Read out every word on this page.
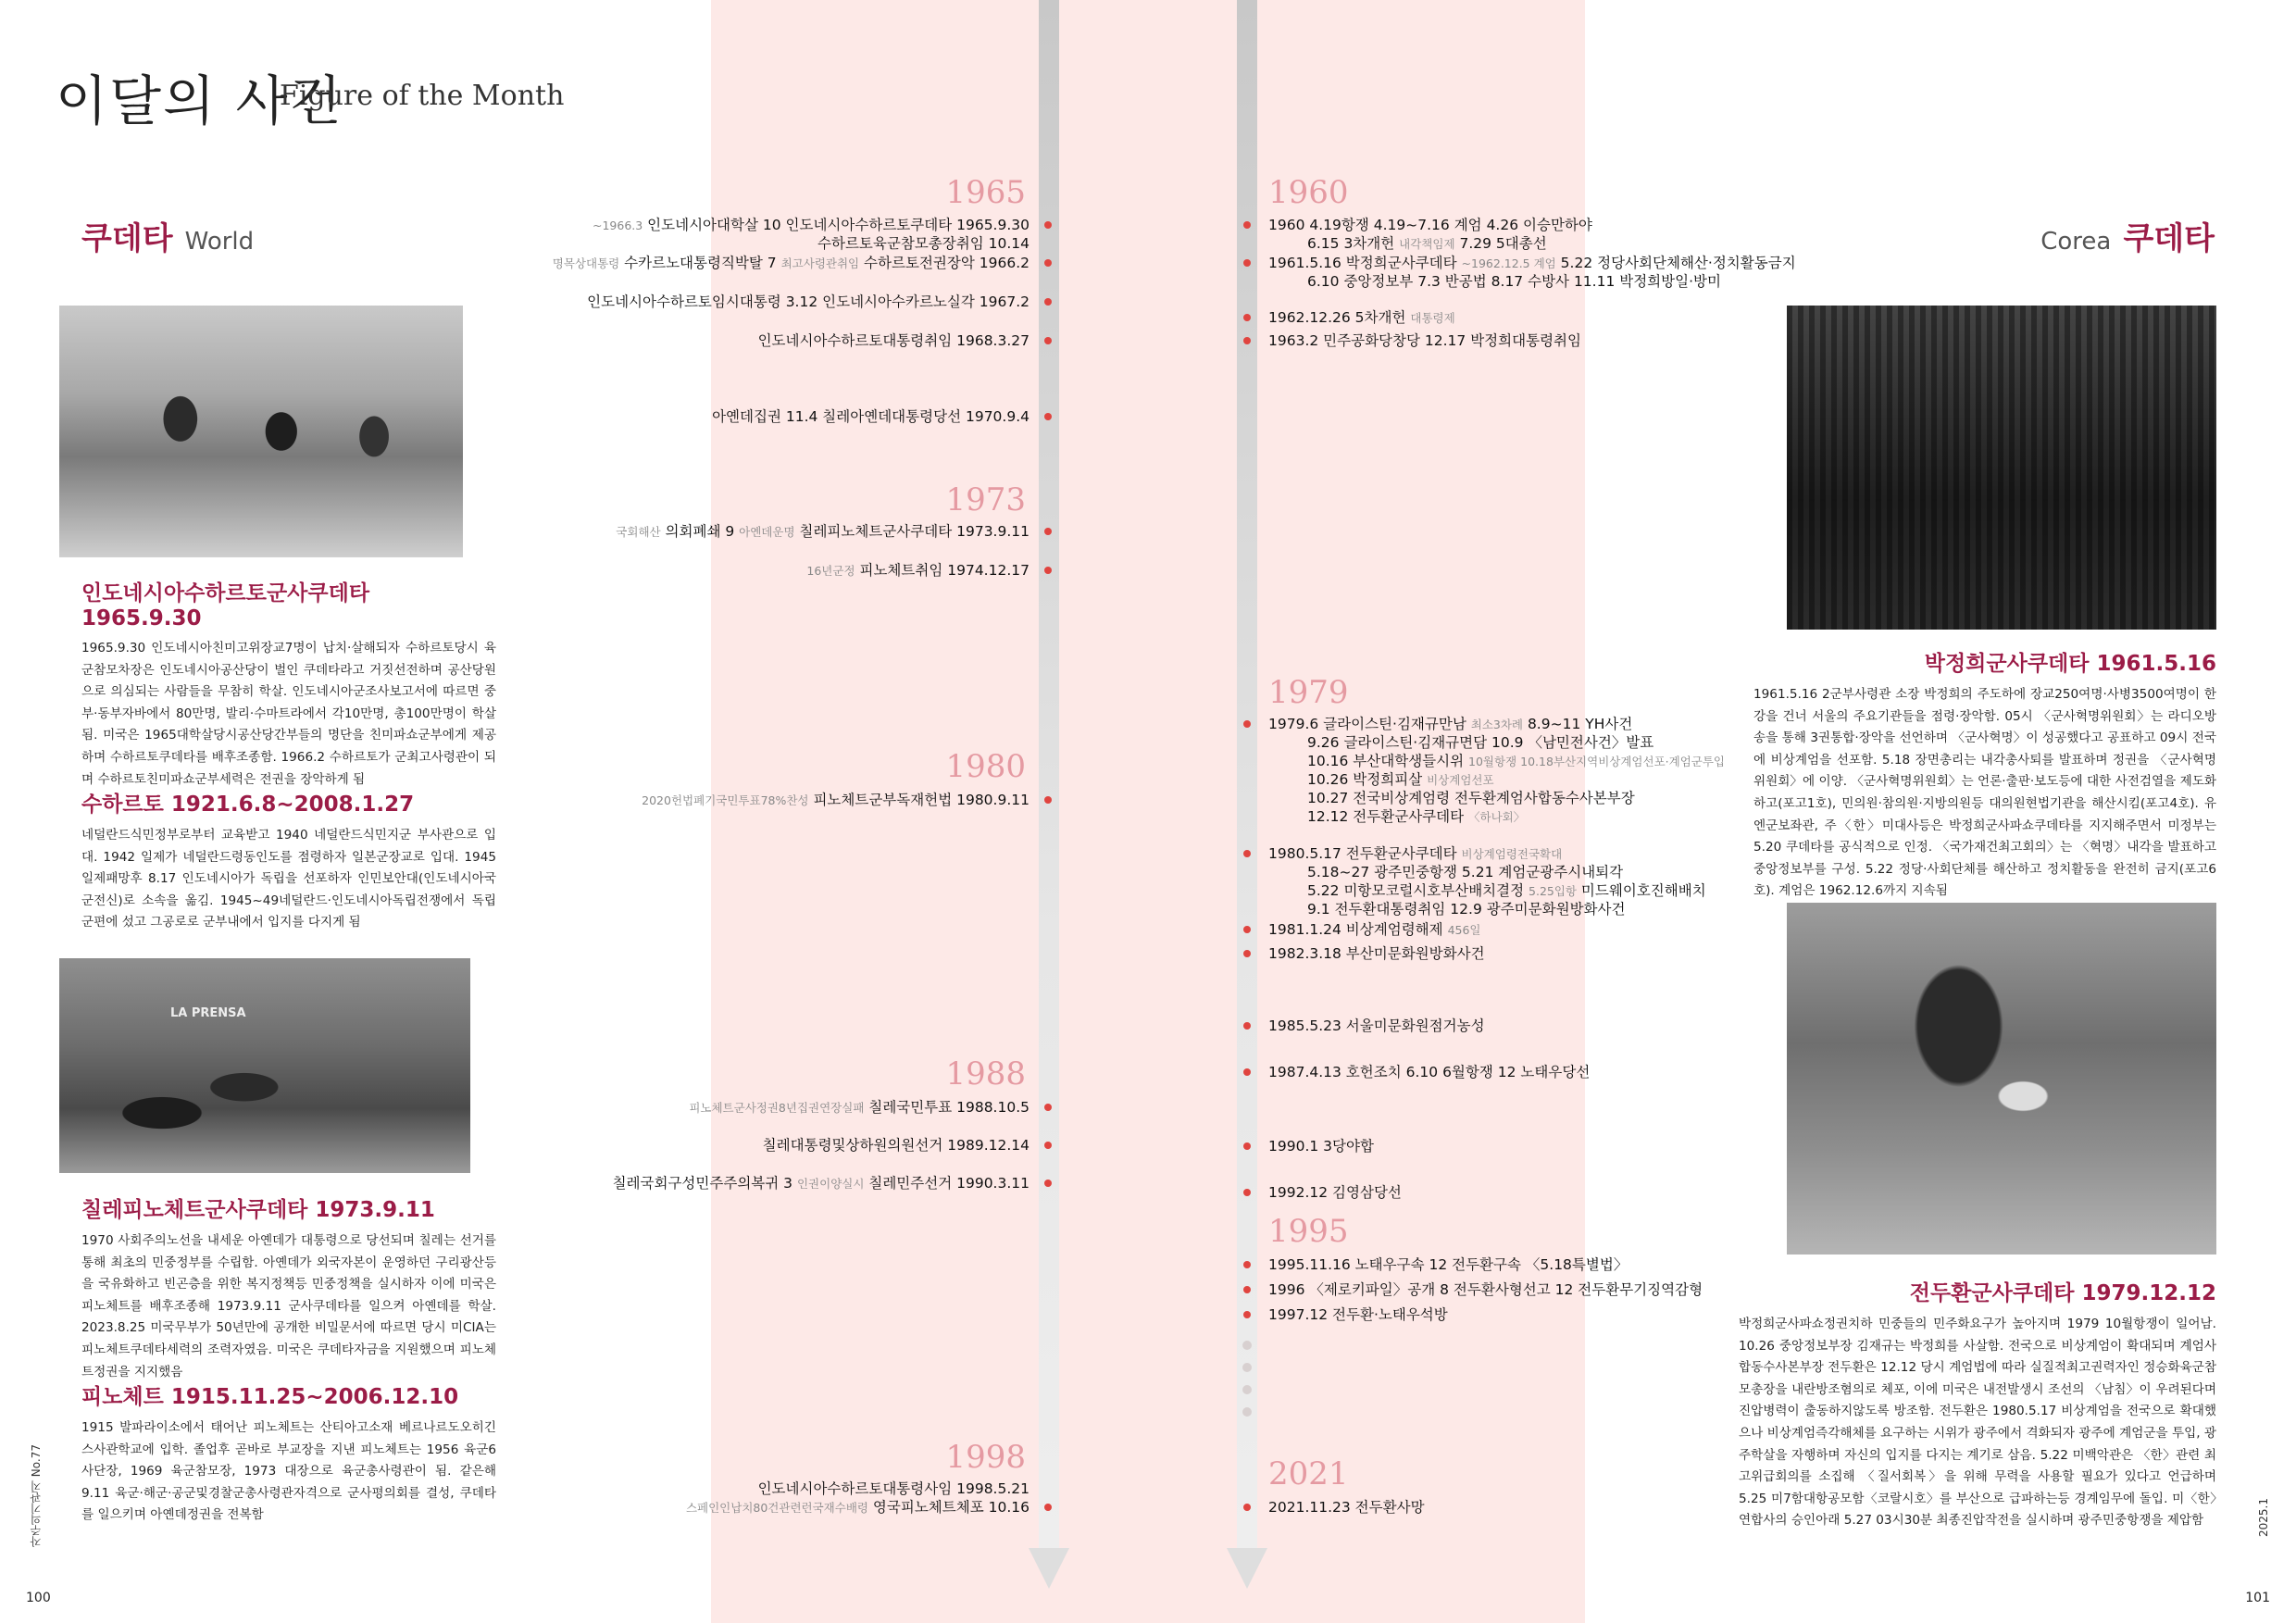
이달의 사건
Figure of the Month
쿠데타 World	Corea 쿠데타
LA PRENSA
인도네시아수하르토군사쿠데타 1965.9.30
1965.9.30 인도네시아친미고위장교7명이 납치·살해되자 수하르토당시 육군참모차장은 인도네시아공산당이 벌인 쿠데타라고 거짓선전하며 공산당원으로 의심되는 사람들을 무참히 학살. 인도네시아군조사보고서에 따르면 중부·동부자바에서 80만명, 발리·수마트라에서 각10만명, 총100만명이 학살됨. 미국은 1965대학살당시공산당간부들의 명단을 친미파쇼군부에게 제공하며 수하르토쿠데타를 배후조종함. 1966.2 수하르토가 군최고사령관이 되며 수하르토친미파쇼군부세력은 전권을 장악하게 됨
수하르토 1921.6.8~2008.1.27
네덜란드식민정부로부터 교육받고 1940 네덜란드식민지군 부사관으로 입대. 1942 일제가 네덜란드령동인도를 점령하자 일본군장교로 입대. 1945 일제패망후 8.17 인도네시아가 독립을 선포하자 인민보안대(인도네시아국군전신)로 소속을 옮김. 1945~49네덜란드·인도네시아독립전쟁에서 독립군편에 섰고 그공로로 군부내에서 입지를 다지게 됨
칠레피노체트군사쿠데타 1973.9.11
1970 사회주의노선을 내세운 아옌데가 대통령으로 당선되며 칠레는 선거를 통해 최초의 민중정부를 수립함. 아옌데가 외국자본이 운영하던 구리광산등을 국유화하고 빈곤층을 위한 복지정책등 민중정책을 실시하자 이에 미국은 피노체트를 배후조종해 1973.9.11 군사쿠데타를 일으켜 아옌데를 학살. 2023.8.25 미국무부가 50년만에 공개한 비밀문서에 따르면 당시 미CIA는 피노체트쿠데타세력의 조력자였음. 미국은 쿠데타자금을 지원했으며 피노체트정권을 지지했음
피노체트 1915.11.25~2006.12.10
1915 발파라이소에서 태어난 피노체트는 산티아고소재 베르나르도오히긴스사관학교에 입학. 졸업후 곧바로 부교장을 지낸 피노체트는 1956 육군6사단장, 1969 육군참모장, 1973 대장으로 육군총사령관이 됨. 같은해 9.11 육군·해군·공군및경찰군총사령관자격으로 군사평의회를 결성, 쿠데타를 일으키며 아옌데정권을 전복함
박정희군사쿠데타 1961.5.16
1961.5.16 2군부사령관 소장 박정희의 주도하에 장교250여명·사병3500여명이 한강을 건너 서울의 주요기관들을 점령·장악함. 05시 〈군사혁명위원회〉는 라디오방송을 통해 3권통합·장악을 선언하며 〈군사혁명〉이 성공했다고 공표하고 09시 전국에 비상계엄을 선포함. 5.18 장면총리는 내각총사퇴를 발표하며 정권을 〈군사혁명위원회〉에 이양. 〈군사혁명위원회〉는 언론·출판·보도등에 대한 사전검열을 제도화하고(포고1호), 민의원·참의원·지방의원등 대의원현법기관을 해산시킴(포고4호). 유엔군보좌관, 주〈한〉미대사등은 박정희군사파쇼쿠데타를 지지해주면서 미정부는 5.20 쿠데타를 공식적으로 인정. 〈국가재건최고회의〉는 〈혁명〉내각을 발표하고 중앙정보부를 구성. 5.22 정당·사회단체를 해산하고 정치활동을 완전히 금지(포고6호). 계엄은 1962.12.6까지 지속됨
전두환군사쿠데타 1979.12.12
박정희군사파쇼정권치하 민중들의 민주화요구가 높아지며 1979 10월항쟁이 일어남. 10.26 중앙정보부장 김재규는 박정희를 사살함. 전국으로 비상계엄이 확대되며 계엄사합동수사본부장 전두환은 12.12 당시 계엄법에 따라 실질적최고권력자인 정승화육군참모총장을 내란방조혐의로 체포, 이에 미국은 내전발생시 조선의 〈남침〉이 우려된다며 진압병력이 출동하지않도록 방조함. 전두환은 1980.5.17 비상계엄을 전국으로 확대했으나 비상계엄즉각해체를 요구하는 시위가 광주에서 격화되자 광주에 계엄군을 투입, 광주학살을 자행하며 자신의 입지를 다지는 계기로 삼음. 5.22 미백악관은 〈한〉관련 최고위급회의를 소집해 〈질서회복〉을 위해 무력을 사용할 필요가 있다고 언급하며 5.25 미7함대항공모함〈코랄시호〉를 부산으로 급파하는등 경계임무에 돌입. 미〈한〉연합사의 승인아래 5.27 03시30분 최종진압작전을 실시하며 광주민중항쟁을 제압함
1965
1973
1980
1988
1998
1960
1979
1995
2021
~1966.3 인도네시아대학살 10 인도네시아수하르토쿠데타 1965.9.30
수하르토육군참모총장취임 10.14
명목상대통령 수카르노대통령직박탈 7 최고사령관취임 수하르토전권장악 1966.2
인도네시아수하르토임시대통령 3.12 인도네시아수카르노실각 1967.2
인도네시아수하르토대통령취임 1968.3.27
아옌데집권 11.4 칠레아옌데대통령당선 1970.9.4
국회해산 의회폐쇄 9 아옌데운명 칠레피노체트군사쿠데타 1973.9.11
16년군정 피노체트취임 1974.12.17
2020헌법폐기국민투표78%찬성 피노체트군부독재헌법 1980.9.11
피노체트군사정권8년집권연장실패 칠레국민투표 1988.10.5
칠레대통령및상하원의원선거 1989.12.14
칠레국회구성민주주의복귀 3 인권이양실시 칠레민주선거 1990.3.11
인도네시아수하르토대통령사임 1998.5.21
스페인인납치80건관련런국재수배령 영국피노체트체포 10.16
1960 4.19항쟁 4.19~7.16 계엄 4.26 이승만하야
6.15 3차개헌 내각책임제 7.29 5대총선
1961.5.16 박정희군사쿠데타 ~1962.12.5 계엄 5.22 정당사회단체해산·정치활동금지
6.10 중앙정보부 7.3 반공법 8.17 수방사 11.11 박정희방일·방미
1962.12.26 5차개헌 대통령제
1963.2 민주공화당창당 12.17 박정희대통령취임
1979.6 글라이스틴·김재규만남 최소3차례 8.9~11 YH사건
9.26 글라이스틴·김재규면담 10.9 〈남민전사건〉발표
10.16 부산대학생들시위 10월항쟁 10.18부산지역비상계엄선포·계엄군투입
10.26 박정희피살 비상계엄선포
10.27 전국비상계엄령 전두환계엄사합동수사본부장
12.12 전두환군사쿠데타 〈하나회〉
1980.5.17 전두환군사쿠데타 비상계엄령전국확대
5.18~27 광주민중항쟁 5.21 계엄군광주시내퇴각
5.22 미항모코럴시호부산배치결정 5.25입항 미드웨이호진해배치
9.1 전두환대통령취임 12.9 광주미문화원방화사건
1981.1.24 비상계엄령해제 456일
1982.3.18 부산미문화원방화사건
1985.5.23 서울미문화원점거농성
1987.4.13 호헌조치 6.10 6월항쟁 12 노태우당선
1990.1 3당야합
1992.12 김영삼당선
1995.11.16 노태우구속 12 전두환구속 〈5.18특별법〉
1996 〈제로키파일〉공개 8 전두환사형선고 12 전두환무기징역감형
1997.12 전두환·노태우석방
2021.11.23 전두환사망
100	101
자주의기관지 No.77	2025.1
